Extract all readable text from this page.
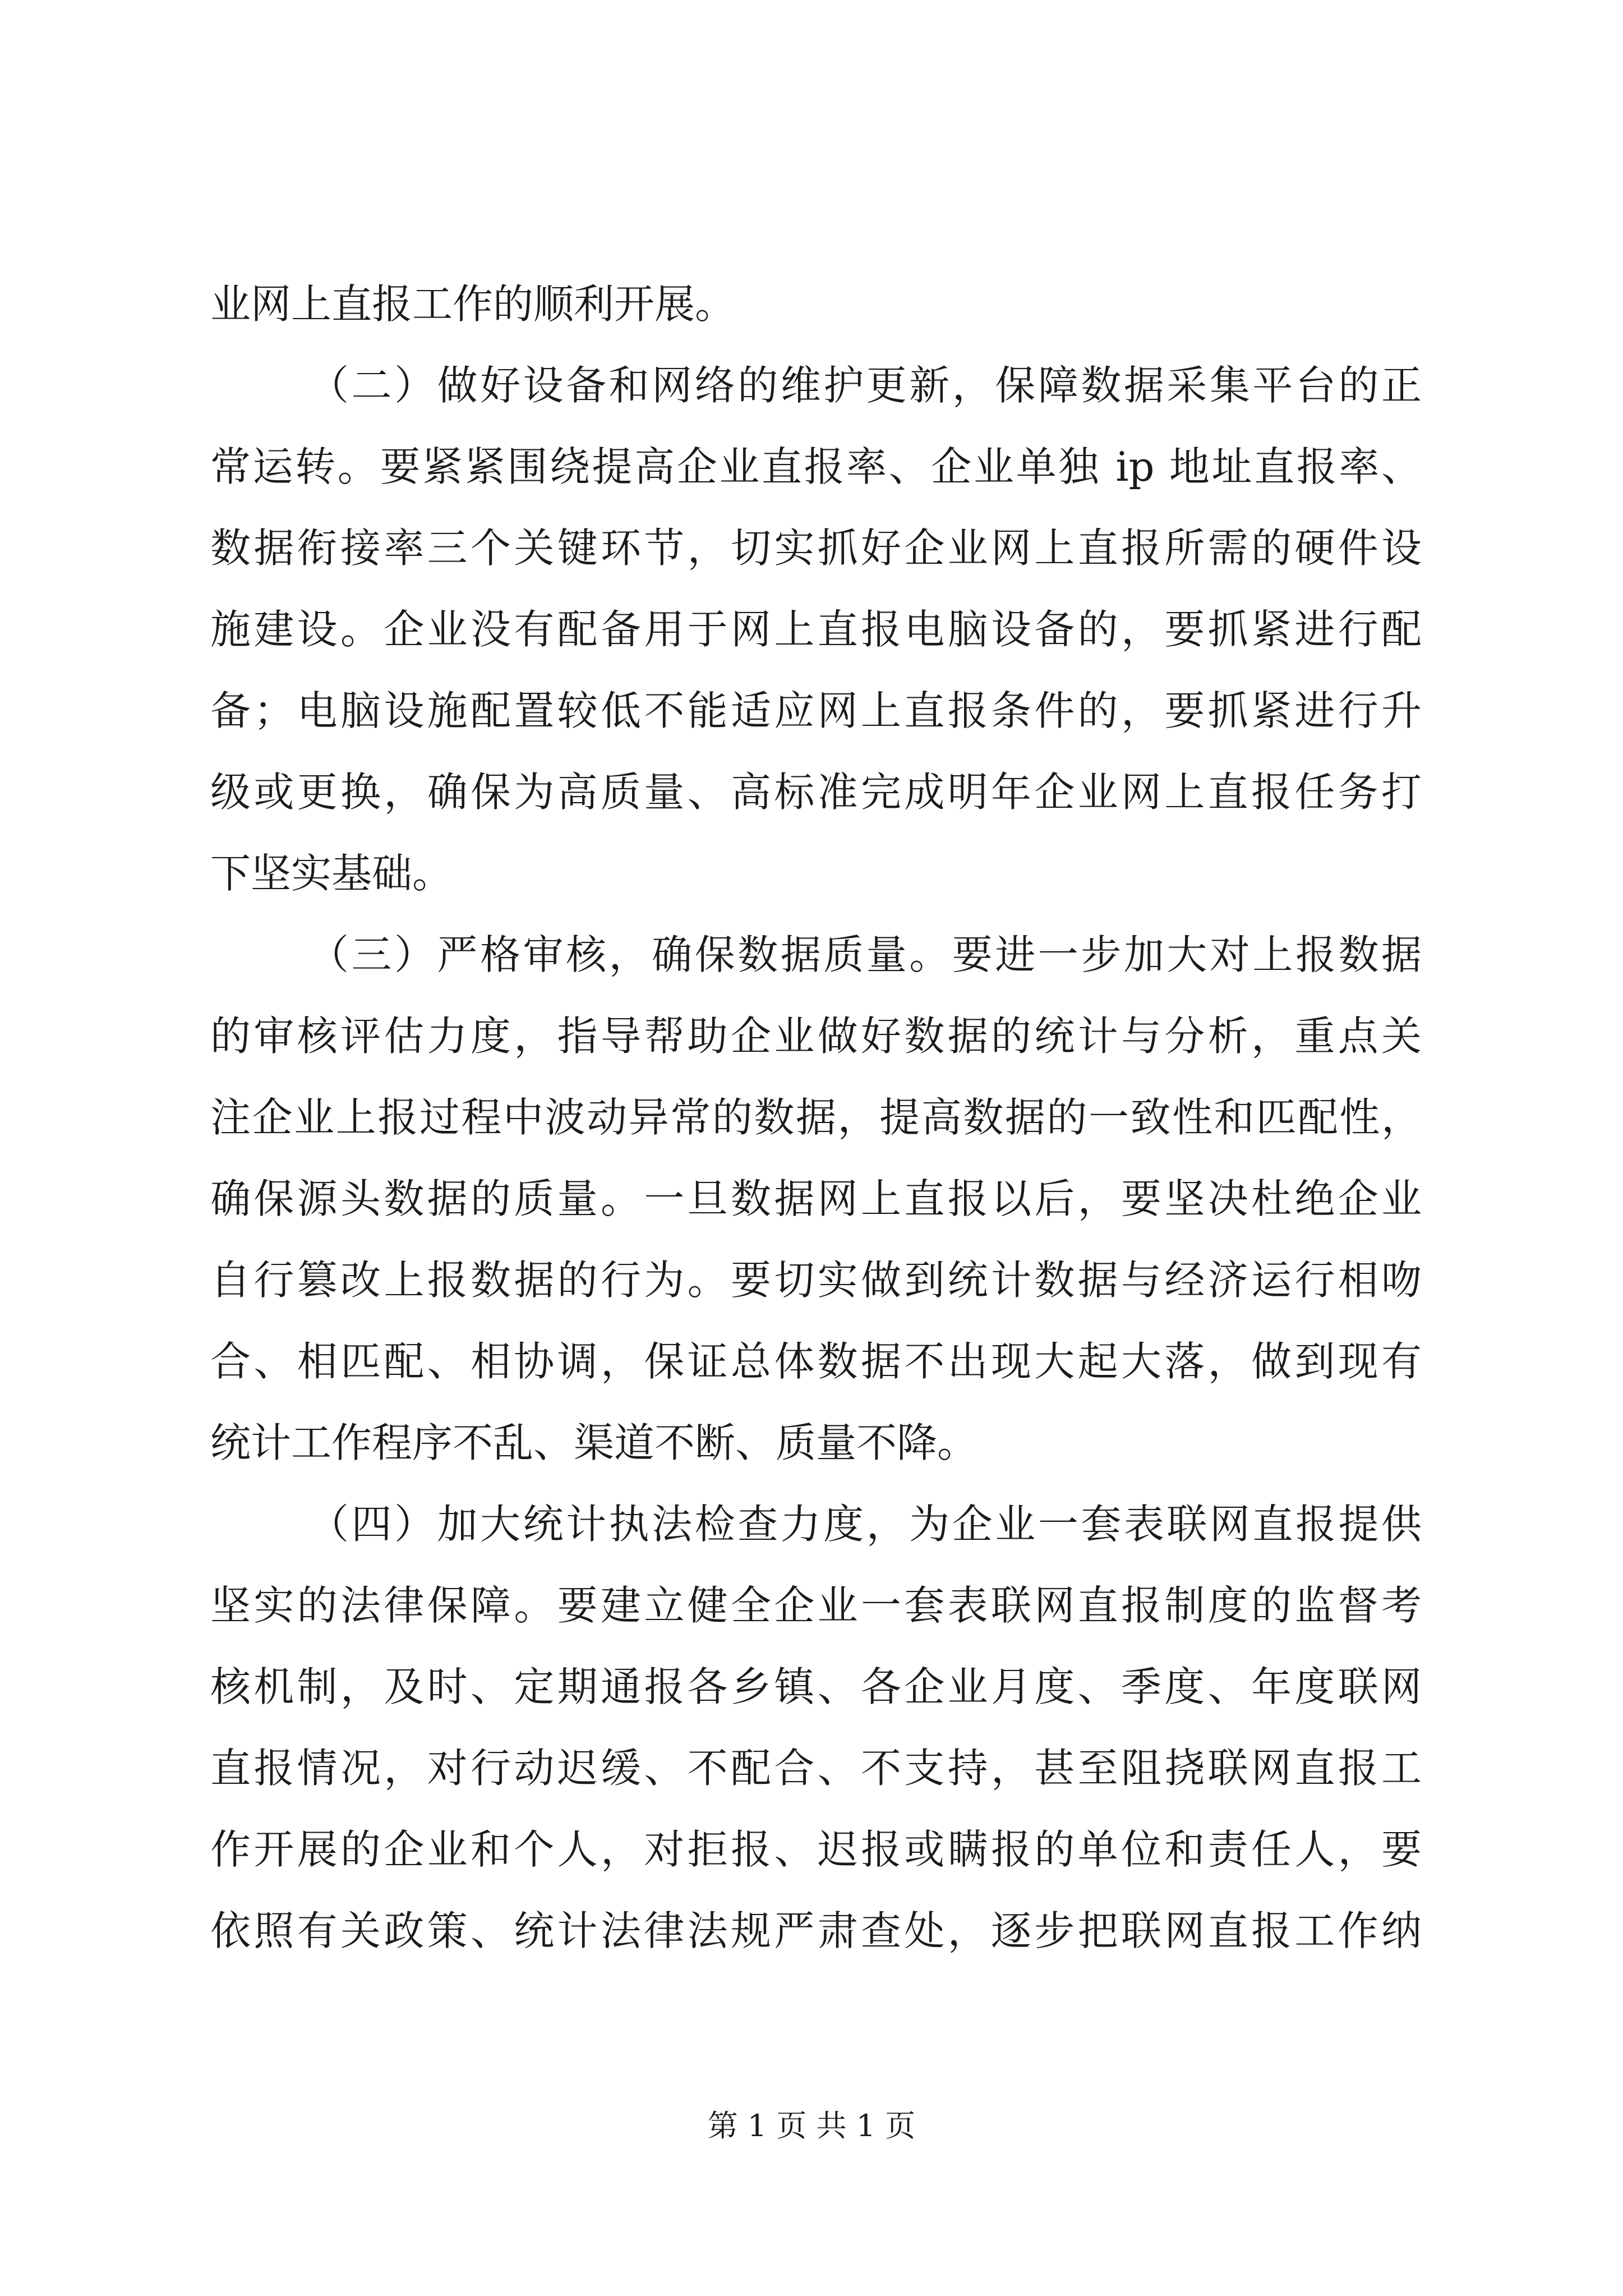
业网上直报工作的顺利开展。
（二）做好设备和网络的维护更新，保障数据采集平台的正
常运转。要紧紧围绕提高企业直报率、企业单独 ip 地址直报率、
数据衔接率三个关键环节，切实抓好企业网上直报所需的硬件设
施建设。企业没有配备用于网上直报电脑设备的，要抓紧进行配
备；电脑设施配置较低不能适应网上直报条件的，要抓紧进行升
级或更换，确保为高质量、高标准完成明年企业网上直报任务打
下坚实基础。
（三）严格审核，确保数据质量。要进一步加大对上报数据
的审核评估力度，指导帮助企业做好数据的统计与分析，重点关
注企业上报过程中波动异常的数据，提高数据的一致性和匹配性，
确保源头数据的质量。一旦数据网上直报以后，要坚决杜绝企业
自行篡改上报数据的行为。要切实做到统计数据与经济运行相吻
合、相匹配、相协调，保证总体数据不出现大起大落，做到现有
统计工作程序不乱、渠道不断、质量不降。
（四）加大统计执法检查力度，为企业一套表联网直报提供
坚实的法律保障。要建立健全企业一套表联网直报制度的监督考
核机制，及时、定期通报各乡镇、各企业月度、季度、年度联网
直报情况，对行动迟缓、不配合、不支持，甚至阻挠联网直报工
作开展的企业和个人，对拒报、迟报或瞒报的单位和责任人，要
依照有关政策、统计法律法规严肃查处，逐步把联网直报工作纳
第 1 页 共 1 页
